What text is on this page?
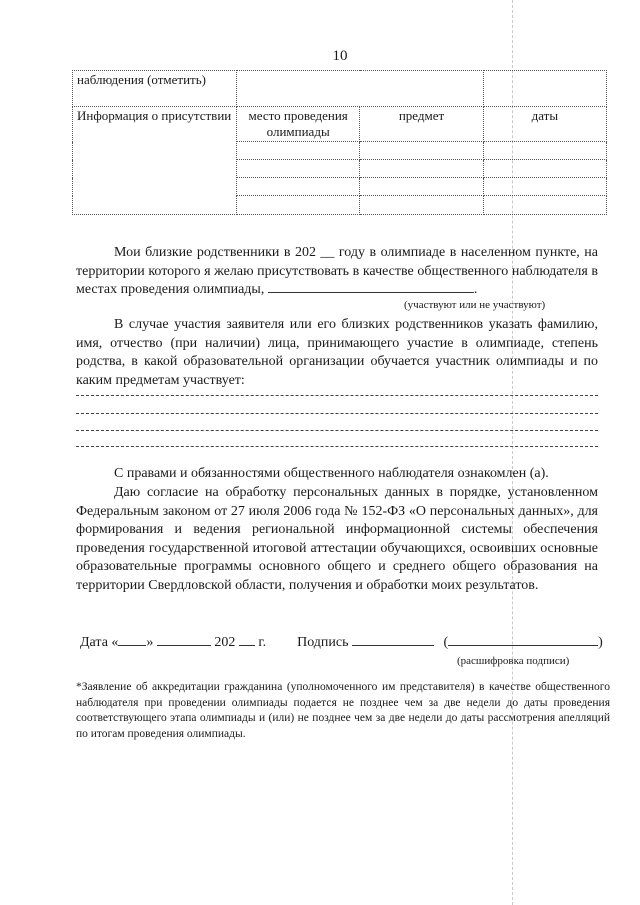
10
наблюдения (отметить)			
Информация о присутствии	место проведения олимпиады	предмет	даты

Мои близкие родственники в 202 __ году в олимпиаде в населенном пункте, на территории которого я желаю присутствовать в качестве общественного наблюдателя в местах проведения олимпиады,	.
(участвуют или не участвуют)
В случае участия заявителя или его близких родственников указать фамилию, имя, отчество (при наличии) лица, принимающего участие в олимпиаде, степень родства, в какой образовательной организации обучается участник олимпиады и по каким предметам участвует:
С правами и обязанностями общественного наблюдателя ознакомлен (а).
Даю согласие на обработку персональных данных в порядке, установленном Федеральным законом от 27 июля 2006 года № 152-ФЗ «О персональных данных», для формирования и ведения региональной информационной системы обеспечения проведения государственной итоговой аттестации обучающихся, освоивших основные образовательные программы основного общего и среднего общего образования на территории Свердловской области, получения и обработки моих результатов.
Дата « »	202 г. Подпись	(	)
(расшифровка подписи)
*Заявление об аккредитации гражданина (уполномоченного им представителя) в качестве общественного наблюдателя при проведении олимпиады подается не позднее чем за две недели до даты проведения соответствующего этапа олимпиады и (или) не позднее чем за две недели до даты рассмотрения апелляций по итогам проведения олимпиады.
